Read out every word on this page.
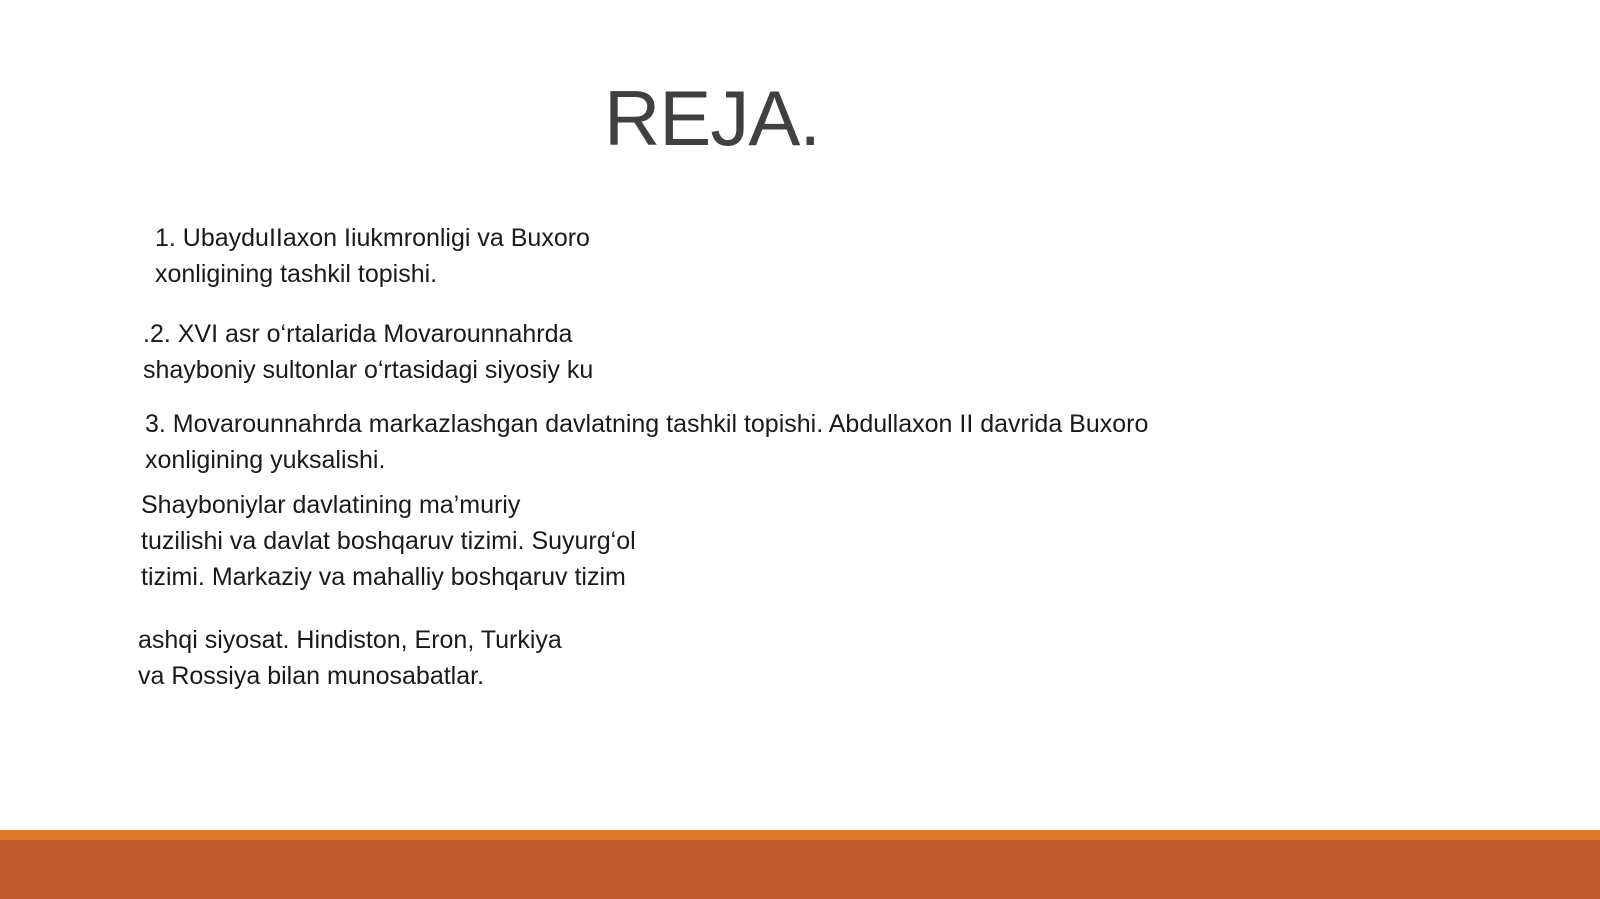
REJA.
1. UbayduIIaxon Iiukmronligi va Buxoro
xonligining tashkil topishi.
.2. XVI asr o‘rtalarida Movarounnahrda
shayboniy sultonlar o‘rtasidagi siyosiy ku
3. Movarounnahrda markazlashgan davlatning tashkil topishi. Abdullaxon II davrida Buxoro
xonligining yuksalishi.
Shayboniylar davlatining ma’muriy
tuzilishi va davlat boshqaruv tizimi. Suyurg‘ol
tizimi. Markaziy va mahalliy boshqaruv tizim
ashqi siyosat. Hindiston, Eron, Turkiya
va Rossiya bilan munosabatlar.
